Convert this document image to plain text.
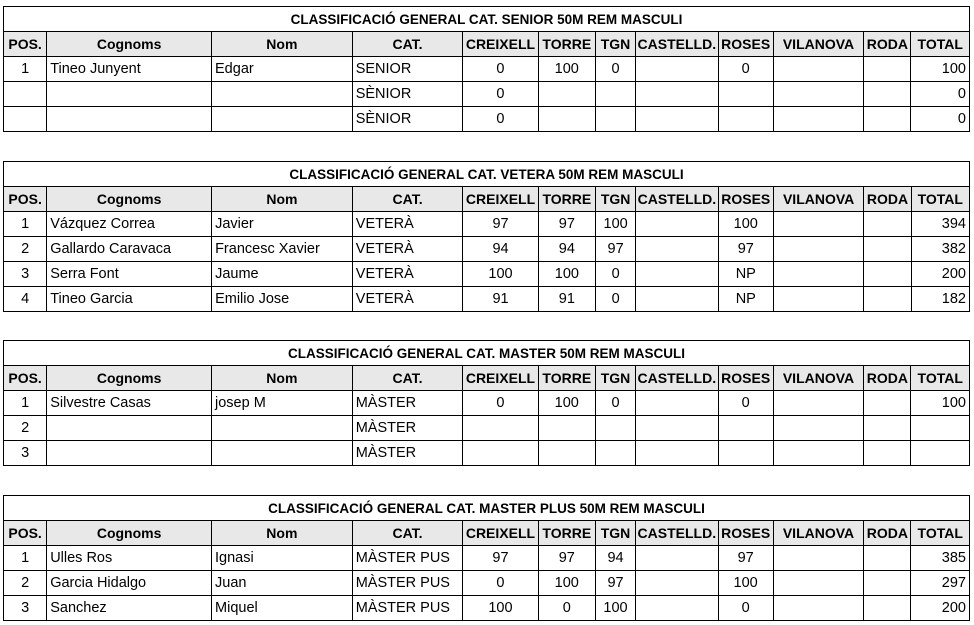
CLASSIFICACIÓ GENERAL CAT. SENIOR 50M REM MASCULI											
POS.	Cognoms	Nom	CAT.	CREIXELL	TORRE	TGN	CASTELLD.	ROSES	VILANOVA	RODA	TOTAL
1	Tineo Junyent	Edgar	SENIOR	0	100	0		0			100
			SÈNIOR	0							0
			SÈNIOR	0							0
CLASSIFICACIÓ GENERAL CAT. VETERA 50M REM MASCULI											
POS.	Cognoms	Nom	CAT.	CREIXELL	TORRE	TGN	CASTELLD.	ROSES	VILANOVA	RODA	TOTAL
1	Vázquez Correa	Javier	VETERÀ	97	97	100		100			394
2	Gallardo Caravaca	Francesc Xavier	VETERÀ	94	94	97		97			382
3	Serra Font	Jaume	VETERÀ	100	100	0		NP			200
4	Tineo Garcia	Emilio Jose	VETERÀ	91	91	0		NP			182
CLASSIFICACIÓ GENERAL CAT. MASTER 50M REM MASCULI											
POS.	Cognoms	Nom	CAT.	CREIXELL	TORRE	TGN	CASTELLD.	ROSES	VILANOVA	RODA	TOTAL
1	Silvestre Casas	josep M	MÀSTER	0	100	0		0			100
2			MÀSTER								
3			MÀSTER								
CLASSIFICACIÓ GENERAL CAT. MASTER PLUS 50M REM MASCULI											
POS.	Cognoms	Nom	CAT.	CREIXELL	TORRE	TGN	CASTELLD.	ROSES	VILANOVA	RODA	TOTAL
1	Ulles Ros	Ignasi	MÀSTER PUS	97	97	94		97			385
2	Garcia Hidalgo	Juan	MÀSTER PUS	0	100	97		100			297
3	Sanchez	Miquel	MÀSTER PUS	100	0	100		0			200
